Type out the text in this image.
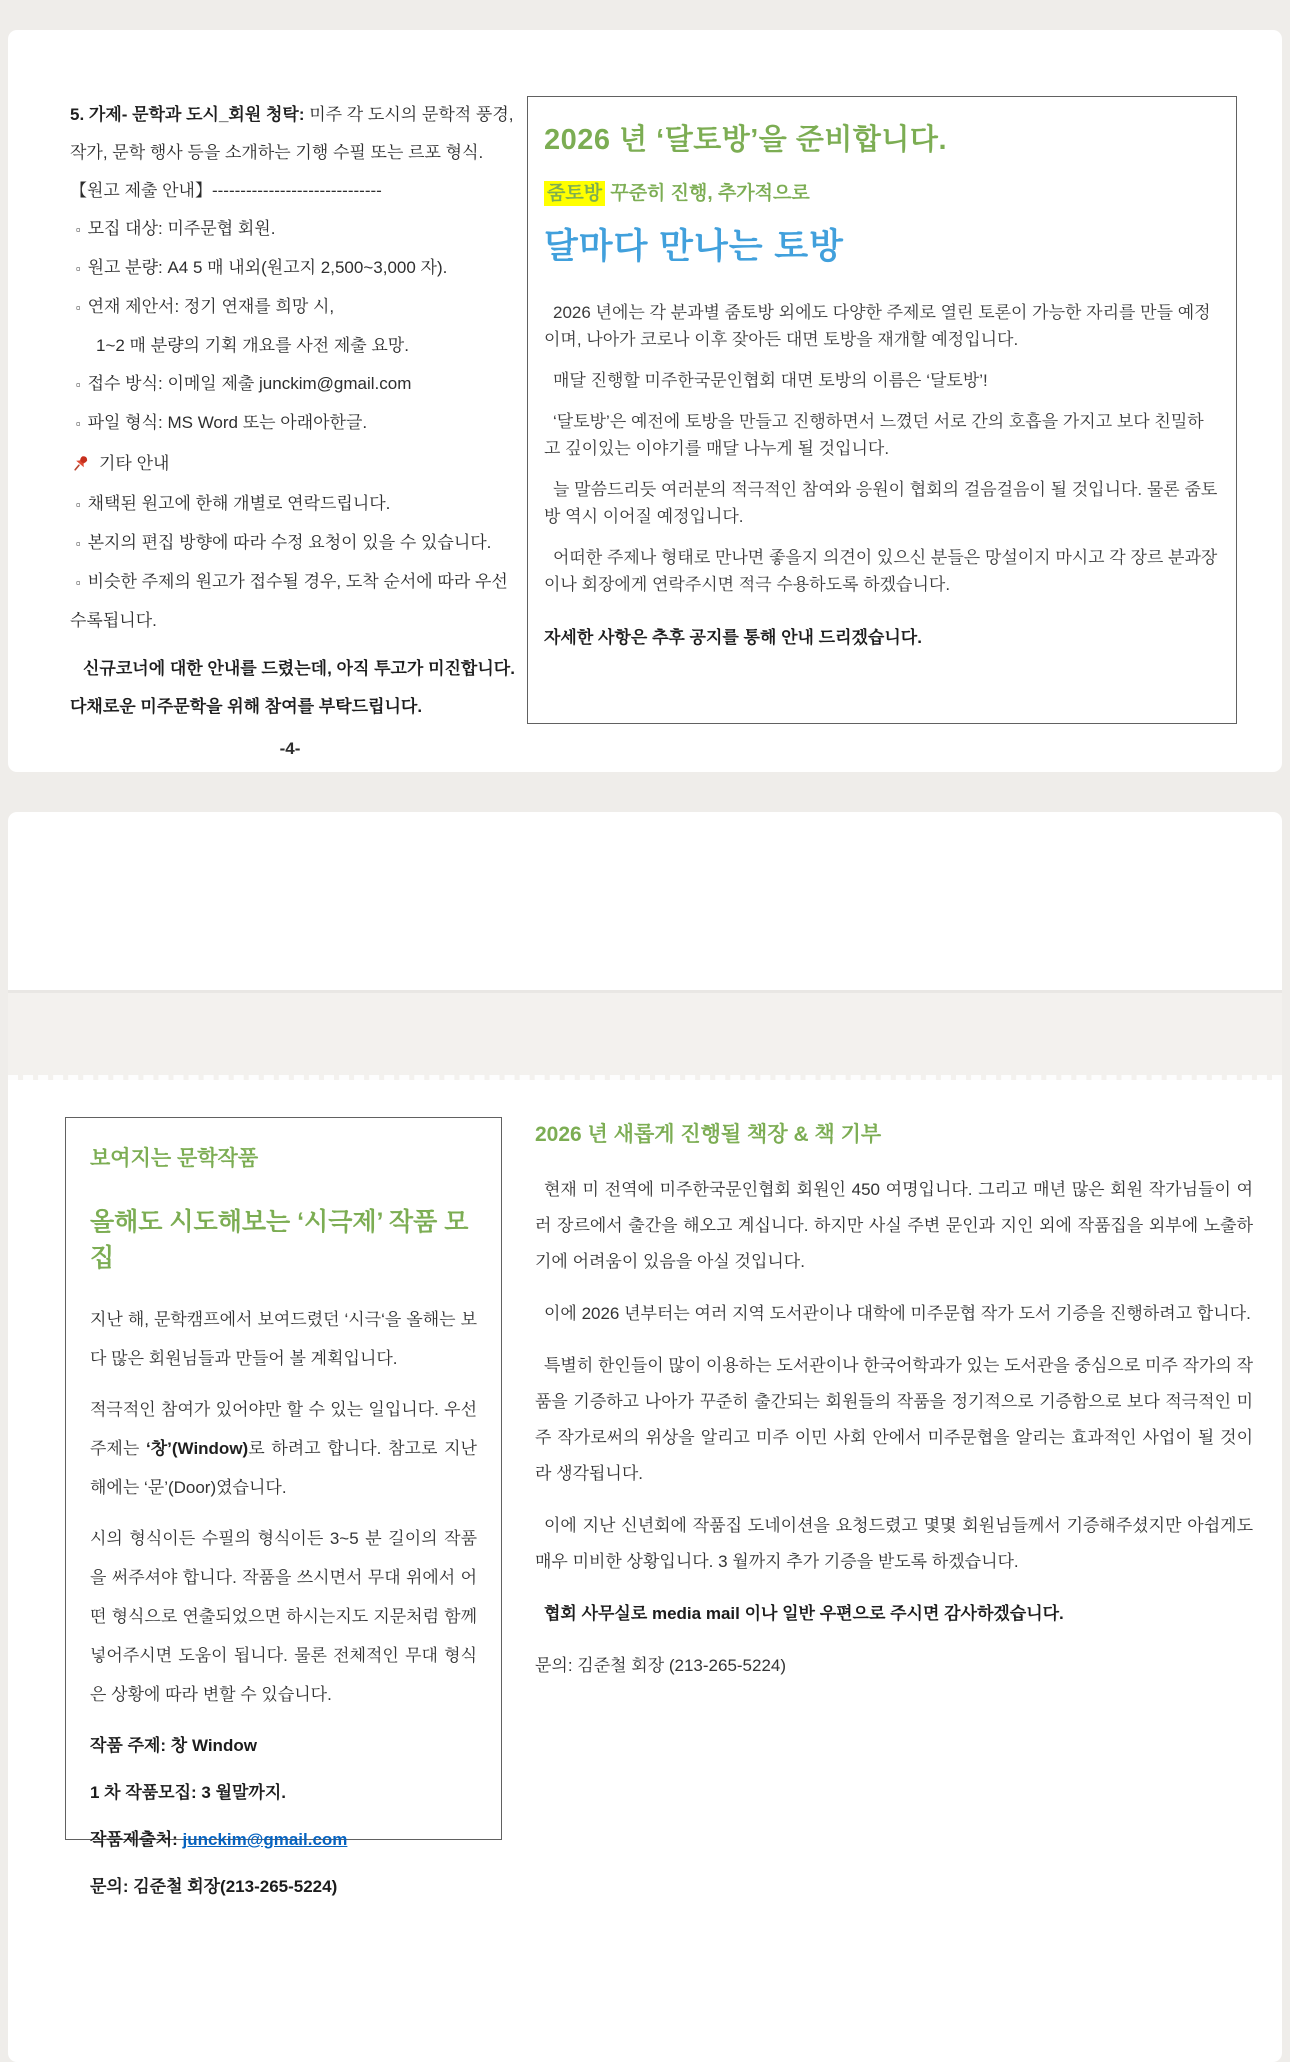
5. 가제- 문학과 도시_회원 청탁: 미주 각 도시의 문학적 풍경, 작가, 문학 행사 등을 소개하는 기행 수필 또는 르포 형식.

【원고 제출 안내】------------------------------

▫ 모집 대상: 미주문협 회원.
▫ 원고 분량: A4 5 매 내외(원고지 2,500~3,000 자).
▫ 연재 제안서: 정기 연재를 희망 시,
1~2 매 분량의 기획 개요를 사전 제출 요망.
▫ 접수 방식: 이메일 제출 junckim@gmail.com
▫ 파일 형식: MS Word 또는 아래아한글.
기타 안내
▫ 채택된 원고에 한해 개별로 연락드립니다.
▫ 본지의 편집 방향에 따라 수정 요청이 있을 수 있습니다.
▫ 비슷한 주제의 원고가 접수될 경우, 도착 순서에 따라 우선 수록됩니다.
신규코너에 대한 안내를 드렸는데, 아직 투고가 미진합니다.
다채로운 미주문학을 위해 참여를 부탁드립니다.
-4-
2026 년 ‘달토방’을 준비합니다.
줌토방 꾸준히 진행, 추가적으로
달마다 만나는 토방

2026 년에는 각 분과별 줌토방 외에도 다양한 주제로 열린 토론이 가능한 자리를 만들 예정이며, 나아가 코로나 이후 잦아든 대면 토방을 재개할 예정입니다.

매달 진행할 미주한국문인협회 대면 토방의 이름은 ‘달토방’!

‘달토방’은 예전에 토방을 만들고 진행하면서 느꼈던 서로 간의 호흡을 가지고 보다 친밀하고 깊이있는 이야기를 매달 나누게 될 것입니다.

늘 말씀드리듯 여러분의 적극적인 참여와 응원이 협회의 걸음걸음이 될 것입니다. 물론 줌토방 역시 이어질 예정입니다.

어떠한 주제나 형태로 만나면 좋을지 의견이 있으신 분들은 망설이지 마시고 각 장르 분과장이나 회장에게 연락주시면 적극 수용하도록 하겠습니다.

자세한 사항은 추후 공지를 통해 안내 드리겠습니다.

보여지는 문학작품
올해도 시도해보는 ‘시극제’ 작품 모집

지난 해, 문학캠프에서 보여드렸던 ‘시극‘을 올해는 보다 많은 회원님들과 만들어 볼 계획입니다.

적극적인 참여가 있어야만 할 수 있는 일입니다. 우선 주제는 ‘창’(Window)로 하려고 합니다. 참고로 지난 해에는 ‘문’(Door)였습니다.

시의 형식이든 수필의 형식이든 3~5 분 길이의 작품을 써주셔야 합니다. 작품을 쓰시면서 무대 위에서 어떤 형식으로 연출되었으면 하시는지도 지문처럼 함께 넣어주시면 도움이 됩니다. 물론 전체적인 무대 형식은 상황에 따라 변할 수 있습니다.

작품 주제: 창 Window
1 차 작품모집: 3 월말까지.
작품제출처: junckim@gmail.com
문의: 김준철 회장(213-265-5224)
2026 년 새롭게 진행될 책장 & 책 기부

현재 미 전역에 미주한국문인협회 회원인 450 여명입니다. 그리고 매년 많은 회원 작가님들이 여러 장르에서 출간을 해오고 계십니다. 하지만 사실 주변 문인과 지인 외에 작품집을 외부에 노출하기에 어려움이 있음을 아실 것입니다.

이에 2026 년부터는 여러 지역 도서관이나 대학에 미주문협 작가 도서 기증을 진행하려고 합니다.

특별히 한인들이 많이 이용하는 도서관이나 한국어학과가 있는 도서관을 중심으로 미주 작가의 작품을 기증하고 나아가 꾸준히 출간되는 회원들의 작품을 정기적으로 기증함으로 보다 적극적인 미주 작가로써의 위상을 알리고 미주 이민 사회 안에서 미주문협을 알리는 효과적인 사업이 될 것이라 생각됩니다.

이에 지난 신년회에 작품집 도네이션을 요청드렸고 몇몇 회원님들께서 기증해주셨지만 아쉽게도 매우 미비한 상황입니다. 3 월까지 추가 기증을 받도록 하겠습니다.

협회 사무실로 media mail 이나 일반 우편으로 주시면 감사하겠습니다.

문의: 김준철 회장 (213-265-5224)
